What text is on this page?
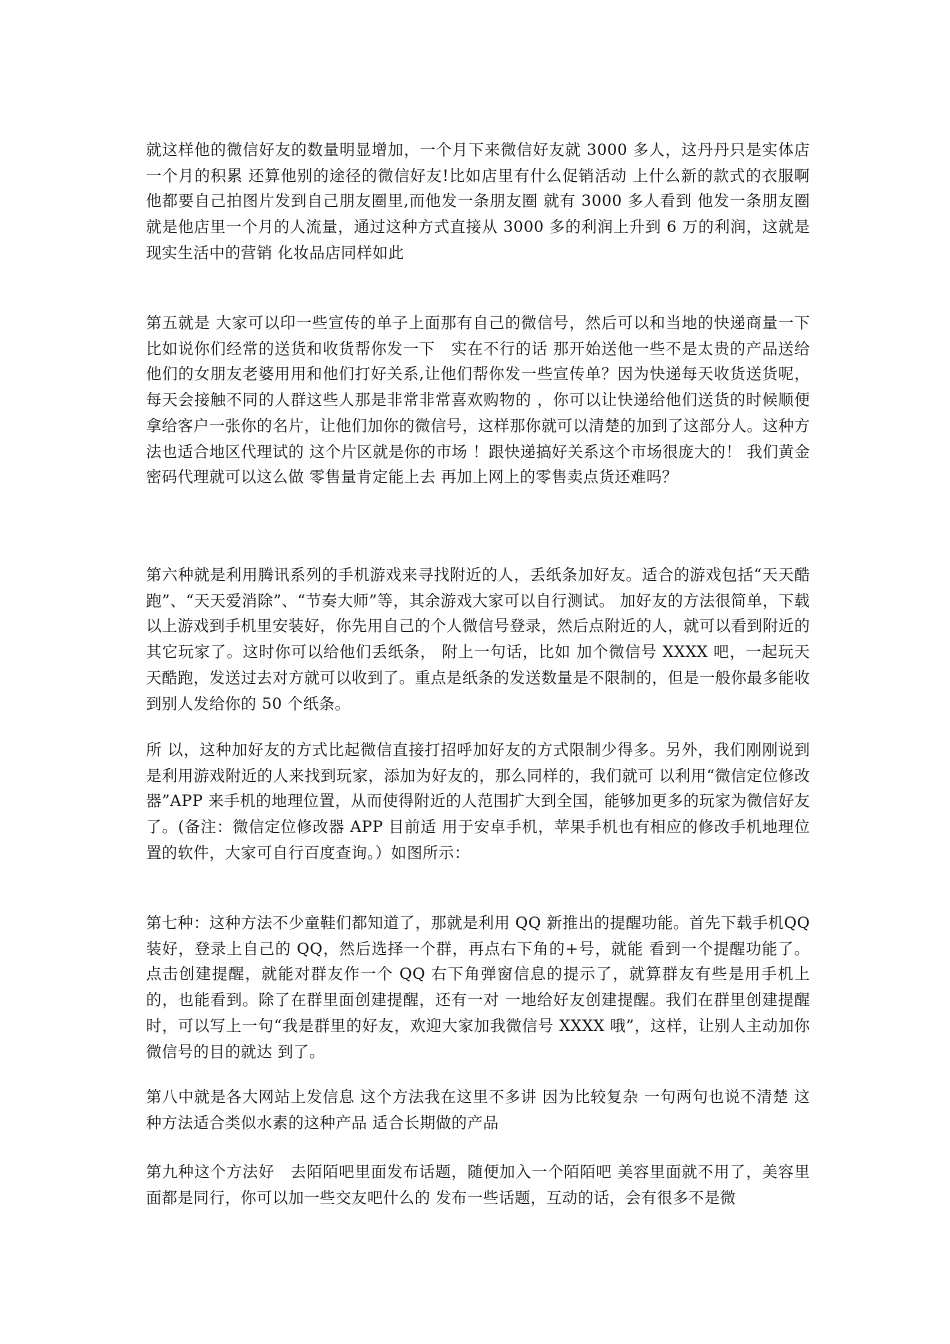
就这样他的微信好友的数量明显增加，一个月下来微信好友就 3000 多人，这丹丹只是实体店一个月的积累 还算他别的途径的微信好友!比如店里有什么促销活动 上什么新的款式的衣服啊 他都要自己拍图片发到自己朋友圈里,而他发一条朋友圈 就有 3000 多人看到 他发一条朋友圈就是他店里一个月的人流量，通过这种方式直接从 3000 多的利润上升到 6 万的利润，这就是现实生活中的营销 化妆品店同样如此

第五就是 大家可以印一些宣传的单子上面那有自己的微信号，然后可以和当地的快递商量一下比如说你们经常的送货和收货帮你发一下　实在不行的话 那开始送他一些不是太贵的产品送给他们的女朋友老婆用用和他们打好关系,让他们帮你发一些宣传单？因为快递每天收货送货呢，每天会接触不同的人群这些人那是非常非常喜欢购物的 ，你可以让快递给他们送货的时候顺便拿给客户一张你的名片，让他们加你的微信号，这样那你就可以清楚的加到了这部分人。这种方法也适合地区代理试的 这个片区就是你的市场 ！跟快递搞好关系这个市场很庞大的！ 我们黄金密码代理就可以这么做 零售量肯定能上去 再加上网上的零售卖点货还难吗？

第六种就是利用腾讯系列的手机游戏来寻找附近的人，丢纸条加好友。适合的游戏包括“天天酷跑”、“天天爱消除”、“节奏大师”等，其余游戏大家可以自行测试。 加好友的方法很简单，下载以上游戏到手机里安装好，你先用自己的个人微信号登录，然后点附近的人，就可以看到附近的其它玩家了。这时你可以给他们丢纸条， 附上一句话，比如 加个微信号 XXXX 吧，一起玩天天酷跑，发送过去对方就可以收到了。重点是纸条的发送数量是不限制的，但是一般你最多能收到别人发给你的 50 个纸条。

所 以，这种加好友的方式比起微信直接打招呼加好友的方式限制少得多。另外，我们刚刚说到是利用游戏附近的人来找到玩家，添加为好友的，那么同样的，我们就可 以利用“微信定位修改器”APP 来手机的地理位置，从而使得附近的人范围扩大到全国，能够加更多的玩家为微信好友了。(备注：微信定位修改器 APP 目前适 用于安卓手机，苹果手机也有相应的修改手机地理位置的软件，大家可自行百度查询。）如图所示：

第七种：这种方法不少童鞋们都知道了，那就是利用 QQ 新推出的提醒功能。首先下载手机QQ 装好，登录上自己的 QQ，然后选择一个群，再点右下角的+号，就能 看到一个提醒功能了。点击创建提醒，就能对群友作一个 QQ 右下角弹窗信息的提示了，就算群友有些是用手机上的，也能看到。除了在群里面创建提醒，还有一对 一地给好友创建提醒。我们在群里创建提醒时，可以写上一句“我是群里的好友，欢迎大家加我微信号 XXXX 哦”，这样，让别人主动加你微信号的目的就达 到了。

第八中就是各大网站上发信息 这个方法我在这里不多讲 因为比较复杂 一句两句也说不清楚 这种方法适合类似水素的这种产品 适合长期做的产品

第九种这个方法好　去陌陌吧里面发布话题，随便加入一个陌陌吧 美容里面就不用了，美容里面都是同行，你可以加一些交友吧什么的 发布一些话题，互动的话，会有很多不是微
